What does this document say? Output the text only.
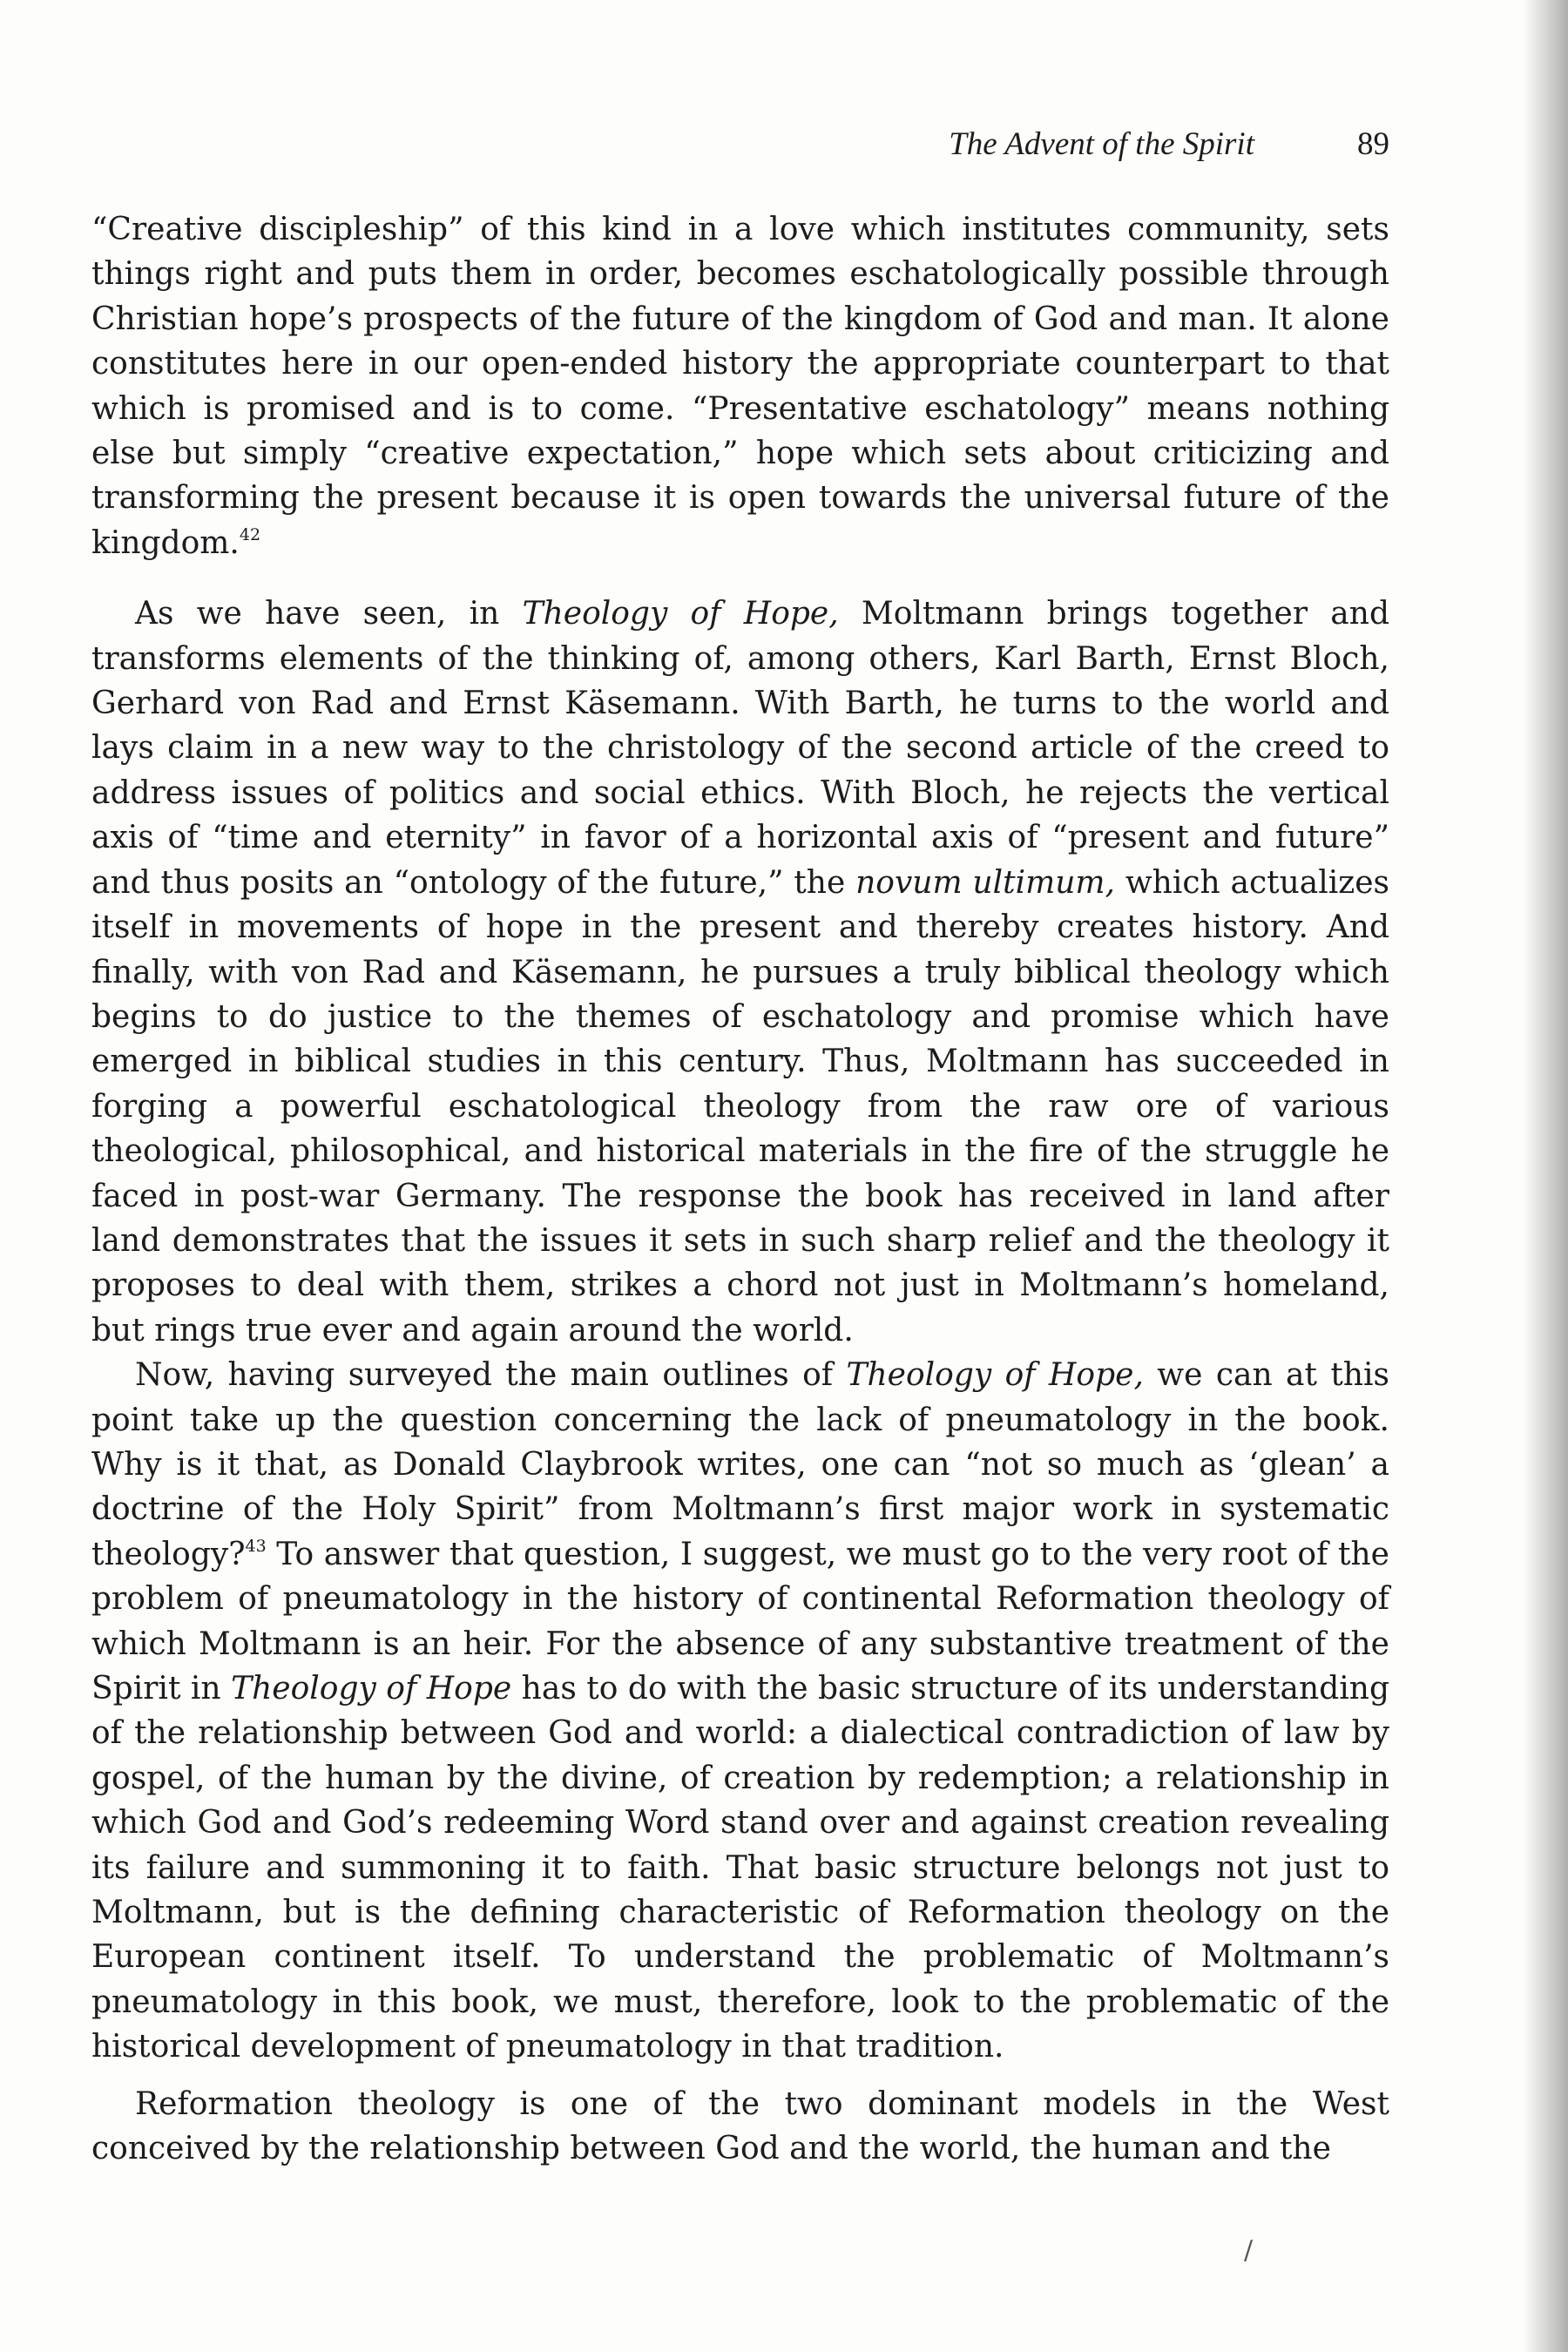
The Advent of the Spirit	89

“Creative discipleship” of this kind in a love which institutes community, sets things right and puts them in order, becomes eschatologically possible through Christian hope’s prospects of the future of the kingdom of God and man. It alone constitutes here in our open-ended history the appropriate counterpart to that which is promised and is to come. “Presentative eschatology” means nothing else but simply “creative expectation,” hope which sets about criticizing and transforming the present because it is open towards the universal future of the kingdom.$^{42}$

As we have seen, in Theology of Hope, Moltmann brings together and transforms elements of the thinking of, among others, Karl Barth, Ernst Bloch, Gerhard von Rad and Ernst Käsemann. With Barth, he turns to the world and lays claim in a new way to the christology of the second article of the creed to address issues of politics and social ethics. With Bloch, he rejects the vertical axis of “time and eternity” in favor of a horizontal axis of “present and future” and thus posits an “ontology of the future,” the novum ultimum, which actualizes itself in movements of hope in the present and thereby creates history. And finally, with von Rad and Käsemann, he pursues a truly biblical theology which begins to do justice to the themes of eschatology and promise which have emerged in biblical studies in this century. Thus, Moltmann has succeeded in forging a powerful eschatological theology from the raw ore of various theological, philosophical, and historical materials in the fire of the struggle he faced in post-war Germany. The response the book has received in land after land demonstrates that the issues it sets in such sharp relief and the theology it proposes to deal with them, strikes a chord not just in Moltmann’s homeland, but rings true ever and again around the world.

Now, having surveyed the main outlines of Theology of Hope, we can at this point take up the question concerning the lack of pneumatology in the book. Why is it that, as Donald Claybrook writes, one can “not so much as ‘glean’ a doctrine of the Holy Spirit” from Moltmann’s first major work in systematic theology?$^{43}$ To answer that question, I suggest, we must go to the very root of the problem of pneumatology in the history of continental Reformation theology of which Moltmann is an heir. For the absence of any substantive treatment of the Spirit in Theology of Hope has to do with the basic structure of its understanding of the relationship between God and world: a dialectical contradiction of law by gospel, of the human by the divine, of creation by redemption; a relationship in which God and God’s redeeming Word stand over and against creation revealing its failure and summoning it to faith. That basic structure belongs not just to Moltmann, but is the defining characteristic of Reformation theology on the European continent itself. To understand the problematic of Moltmann’s pneumatology in this book, we must, therefore, look to the problematic of the historical development of pneumatology in that tradition.

Reformation theology is one of the two dominant models in the West conceived by the relationship between God and the world, the human and the

/
